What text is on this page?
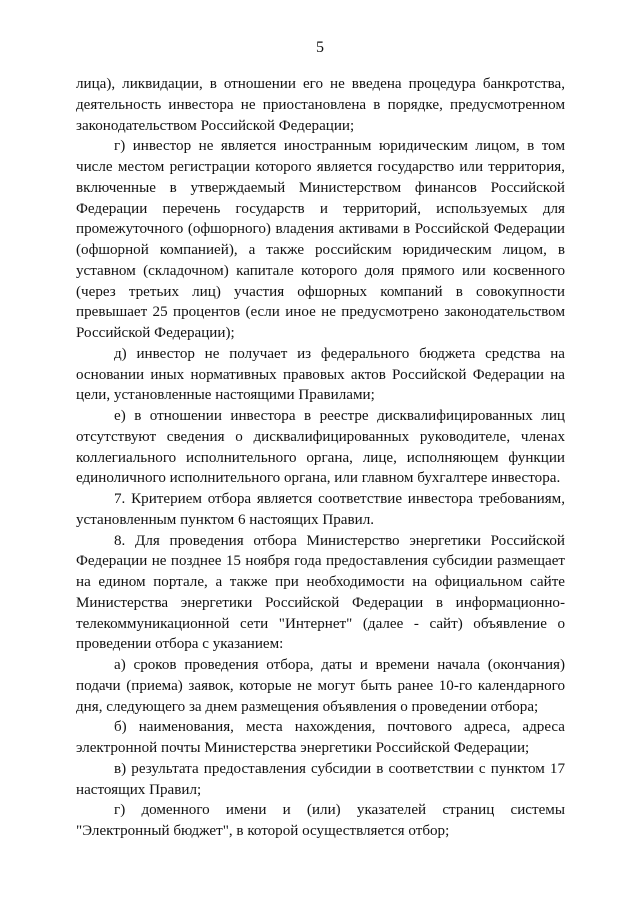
5

лица), ликвидации, в отношении его не введена процедура банкротства, деятельность инвестора не приостановлена в порядке, предусмотренном законодательством Российской Федерации;

г) инвестор не является иностранным юридическим лицом, в том числе местом регистрации которого является государство или территория, включенные в утверждаемый Министерством финансов Российской Федерации перечень государств и территорий, используемых для промежуточного (офшорного) владения активами в Российской Федерации (офшорной компанией), а также российским юридическим лицом, в уставном (складочном) капитале которого доля прямого или косвенного (через третьих лиц) участия офшорных компаний в совокупности превышает 25 процентов (если иное не предусмотрено законодательством Российской Федерации);

д) инвестор не получает из федерального бюджета средства на основании иных нормативных правовых актов Российской Федерации на цели, установленные настоящими Правилами;

е) в отношении инвестора в реестре дисквалифицированных лиц отсутствуют сведения о дисквалифицированных руководителе, членах коллегиального исполнительного органа, лице, исполняющем функции единоличного исполнительного органа, или главном бухгалтере инвестора.

7. Критерием отбора является соответствие инвестора требованиям, установленным пунктом 6 настоящих Правил.

8. Для проведения отбора Министерство энергетики Российской Федерации не позднее 15 ноября года предоставления субсидии размещает на едином портале, а также при необходимости на официальном сайте Министерства энергетики Российской Федерации в информационно-телекоммуникационной сети "Интернет" (далее - сайт) объявление о проведении отбора с указанием:

а) сроков проведения отбора, даты и времени начала (окончания) подачи (приема) заявок, которые не могут быть ранее 10-го календарного дня, следующего за днем размещения объявления о проведении отбора;

б) наименования, места нахождения, почтового адреса, адреса электронной почты Министерства энергетики Российской Федерации;

в) результата предоставления субсидии в соответствии с пунктом 17 настоящих Правил;

г) доменного имени и (или) указателей страниц системы "Электронный бюджет", в которой осуществляется отбор;
